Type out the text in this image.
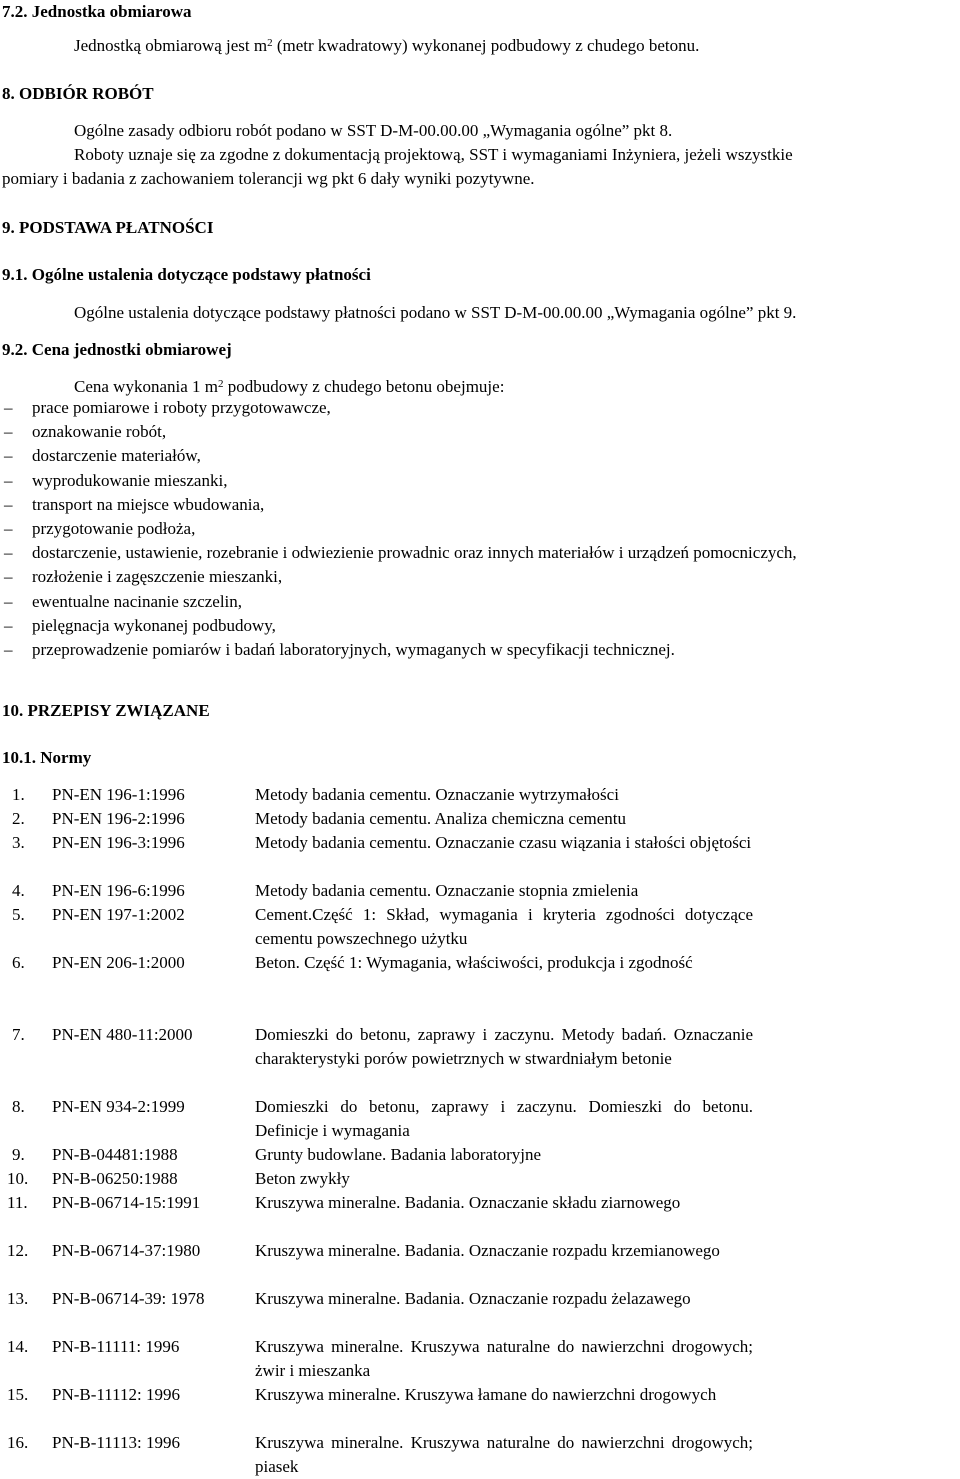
7.2. Jednostka obmiarowa
Jednostką obmiarową jest $m^2$ (metr kwadratowy) wykonanej podbudowy z chudego betonu.
8. ODBIÓR ROBÓT
Ogólne zasady odbioru robót podano w SST D-M-00.00.00 „Wymagania ogólne” pkt 8.
Roboty uznaje się za zgodne z dokumentacją projektową, SST i wymaganiami Inżyniera, jeżeli wszystkie
pomiary i badania z zachowaniem tolerancji wg pkt 6 dały wyniki pozytywne.
9. PODSTAWA PŁATNOŚCI
9.1. Ogólne ustalenia dotyczące podstawy płatności
Ogólne ustalenia dotyczące podstawy płatności podano w SST D-M-00.00.00 „Wymagania ogólne” pkt 9.
9.2. Cena jednostki obmiarowej
Cena wykonania 1 $m^2$ podbudowy z chudego betonu obejmuje:
–	prace pomiarowe i roboty przygotowawcze,
–	oznakowanie robót,
–	dostarczenie materiałów,
–	wyprodukowanie mieszanki,
–	transport na miejsce wbudowania,
–	przygotowanie podłoża,
–	dostarczenie, ustawienie, rozebranie i odwiezienie prowadnic oraz innych materiałów i urządzeń pomocniczych,
–	rozłożenie i zagęszczenie mieszanki,
–	ewentualne nacinanie szczelin,
–	pielęgnacja wykonanej podbudowy,
–	przeprowadzenie pomiarów i badań laboratoryjnych, wymaganych w specyfikacji technicznej.
10. PRZEPISY ZWIĄZANE
10.1. Normy
1. PN-EN 196-1:1996	Metody badania cementu. Oznaczanie wytrzymałości
2. PN-EN 196-2:1996	Metody badania cementu. Analiza chemiczna cementu
3. PN-EN 196-3:1996	Metody badania cementu. Oznaczanie czasu wiązania i stałości objętości
4. PN-EN 196-6:1996	Metody badania cementu. Oznaczanie stopnia zmielenia
5. PN-EN 197-1:2002	Cement.Część 1: Skład, wymagania i kryteria zgodności dotyczące cementu powszechnego użytku
6. PN-EN 206-1:2000	Beton. Część 1: Wymagania, właściwości, produkcja i zgodność
7. PN-EN 480-11:2000	Domieszki do betonu, zaprawy i zaczynu. Metody badań. Oznaczanie charakterystyki porów powietrznych w stwardniałym betonie
8. PN-EN 934-2:1999	Domieszki do betonu, zaprawy i zaczynu. Domieszki do betonu. Definicje i wymagania
9. PN-B-04481:1988	Grunty budowlane. Badania laboratoryjne
10. PN-B-06250:1988	Beton zwykły
11. PN-B-06714-15:1991	Kruszywa mineralne. Badania. Oznaczanie składu ziarnowego
12. PN-B-06714-37:1980	Kruszywa mineralne. Badania. Oznaczanie rozpadu krzemianowego
13. PN-B-06714-39: 1978	Kruszywa mineralne. Badania. Oznaczanie rozpadu żelazawego
14. PN-B-11111: 1996	Kruszywa mineralne. Kruszywa naturalne do nawierzchni drogowych; żwir i mieszanka
15. PN-B-11112: 1996	Kruszywa mineralne. Kruszywa łamane do nawierzchni drogowych
16. PN-B-11113: 1996	Kruszywa mineralne. Kruszywa naturalne do nawierzchni drogowych; piasek
